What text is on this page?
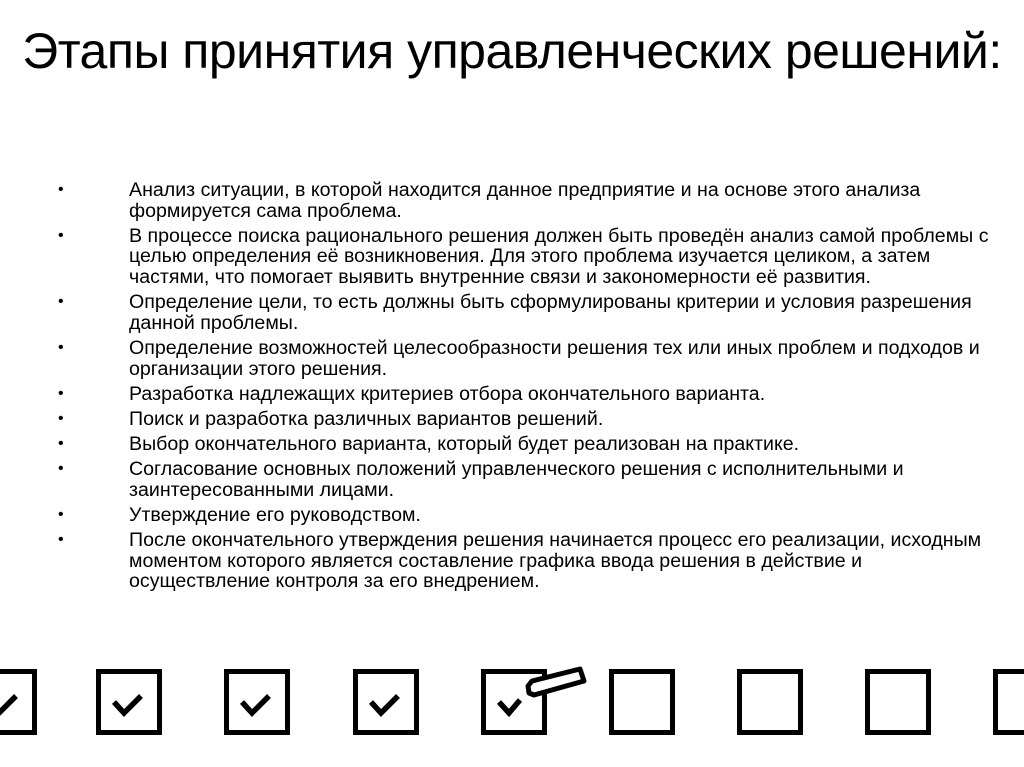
Этапы принятия управленческих решений:
•	Анализ ситуации, в которой находится данное предприятие и на основе этого анализа формируется сама проблема.
•	В процессе поиска рационального решения должен быть проведён анализ самой проблемы с целью определения её возникновения. Для этого проблема изучается целиком, а затем частями, что помогает выявить внутренние связи и закономерности её развития.
•	Определение цели, то есть должны быть сформулированы критерии и условия разрешения данной проблемы.
•	Определение возможностей целесообразности решения тех или иных проблем и подходов и организации этого решения.
•	Разработка надлежащих критериев отбора окончательного варианта.
•	Поиск и разработка различных вариантов решений.
•	Выбор окончательного варианта, который будет реализован на практике.
•	Согласование основных положений управленческого решения с исполнительными и заинтересованными лицами.
•	Утверждение его руководством.
•	После окончательного утверждения решения начинается процесс его реализации, исходным моментом которого является составление графика ввода решения в действие и осуществление контроля за его внедрением.
